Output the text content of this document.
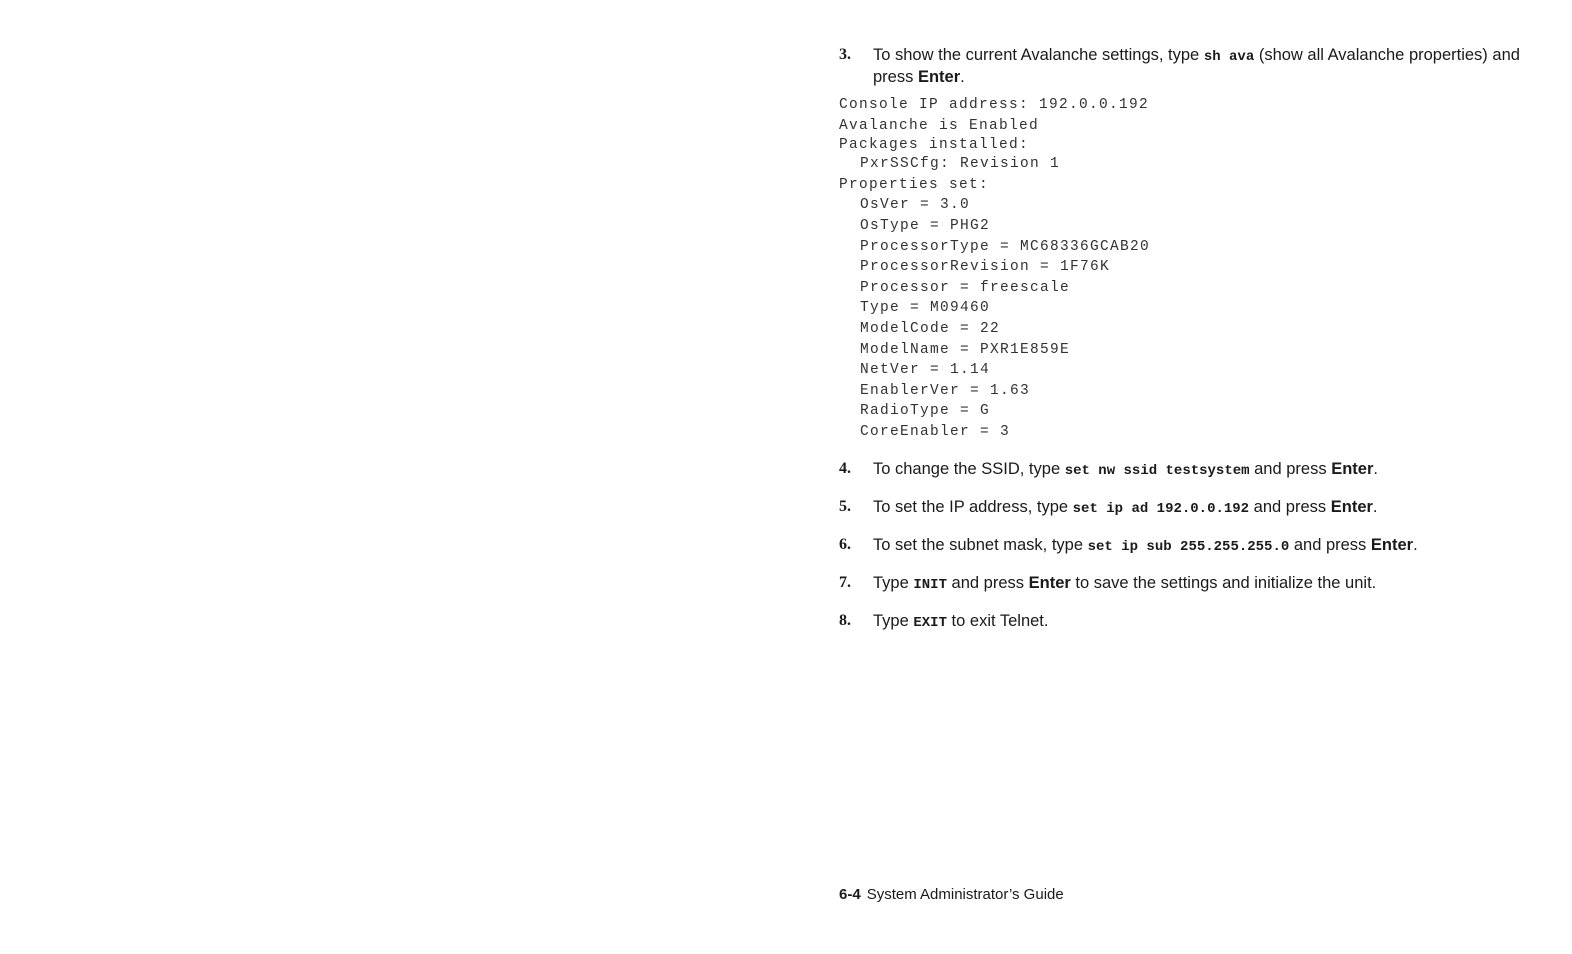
3.	To show the current Avalanche settings, type sh ava (show all Avalanche properties) and press Enter.
Console IP address: 192.0.0.192
Avalanche is Enabled
Packages installed:
PxrSSCfg: Revision 1
Properties set:
OsVer = 3.0
OsType = PHG2
ProcessorType = MC68336GCAB20
ProcessorRevision = 1F76K
Processor = freescale
Type = M09460
ModelCode = 22
ModelName = PXR1E859E
NetVer = 1.14
EnablerVer = 1.63
RadioType = G
CoreEnabler = 3
4.	To change the SSID, type set nw ssid testsystem and press Enter.
5.	To set the IP address, type set ip ad 192.0.0.192 and press Enter.
6.	To set the subnet mask, type set ip sub 255.255.255.0 and press Enter.
7.	Type INIT and press Enter to save the settings and initialize the unit.
8.	Type EXIT to exit Telnet.
6-4 System Administrator’s Guide
